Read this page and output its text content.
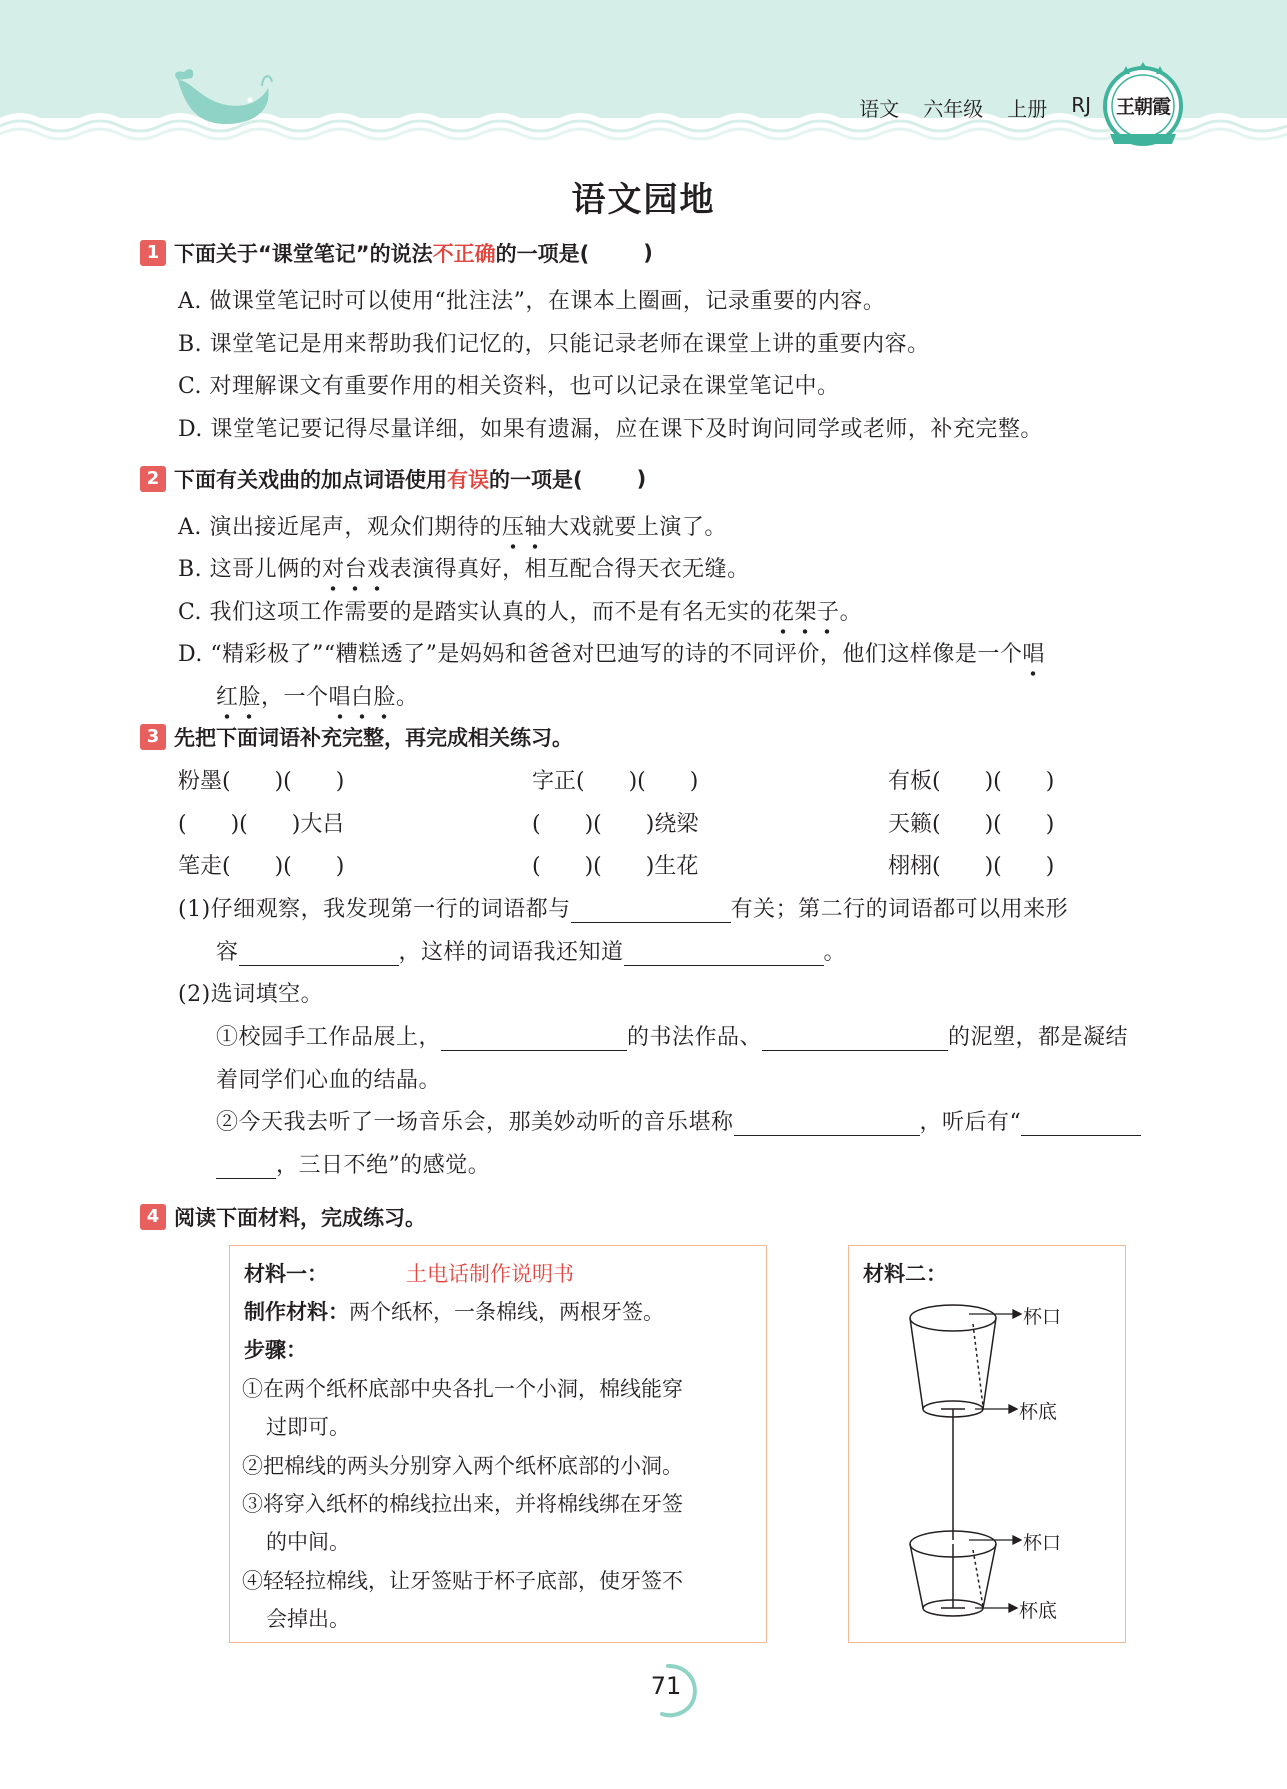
语文 六年级 上册 RJ	王朝霞
语文园地
1 下面关于“课堂笔记”的说法 不正确 的一项是(	)
A. 做课堂笔记时可以使用“批注法”，在课本上圈画，记录重要的内容。
B. 课堂笔记是用来帮助我们记忆的，只能记录老师在课堂上讲的重要内容。
C. 对理解课文有重要作用的相关资料，也可以记录在课堂笔记中。
D. 课堂笔记要记得尽量详细，如果有遗漏，应在课下及时询问同学或老师，补充完整。
2 下面有关戏曲的加点词语使用 有误 的一项是(	)
A. 演出接近尾声，观众们期待的压轴大戏就要上演了。
B. 这哥儿俩的对台戏表演得真好，相互配合得天衣无缝。
C. 我们这项工作需要的是踏实认真的人，而不是有名无实的花架子。
D. “精彩极了”“糟糕透了”是妈妈和爸爸对巴迪写的诗的不同评价，他们这样像是一个唱
红脸，一个唱白脸。
3 先把下面词语补充完整，再完成相关练习。
粉墨(　　)(　　)	字正(　　)(　　)	有板(　　)(　　)
(　　)(　　)大吕	(　　)(　　)绕梁	天籁(　　)(　　)
笔走(　　)(　　)	(　　)(　　)生花	栩栩(　　)(　　)
(1)仔细观察，我发现第一行的词语都与	有关；第二行的词语都可以用来形
容	，这样的词语我还知道	。
(2)选词填空。
①校园手工作品展上，	的书法作品、	的泥塑，都是凝结
着同学们心血的结晶。
②今天我去听了一场音乐会，那美妙动听的音乐堪称	，听后有“
，三日不绝”的感觉。
4 阅读下面材料，完成练习。
材料一：	土电话制作说明书
制作材料：两个纸杯，一条棉线，两根牙签。
步骤：
①在两个纸杯底部中央各扎一个小洞，棉线能穿
过即可。
②把棉线的两头分别穿入两个纸杯底部的小洞。
③将穿入纸杯的棉线拉出来，并将棉线绑在牙签
的中间。
④轻轻拉棉线，让牙签贴于杯子底部，使牙签不
会掉出。
材料二：
杯口
杯底
杯口
杯底
71
